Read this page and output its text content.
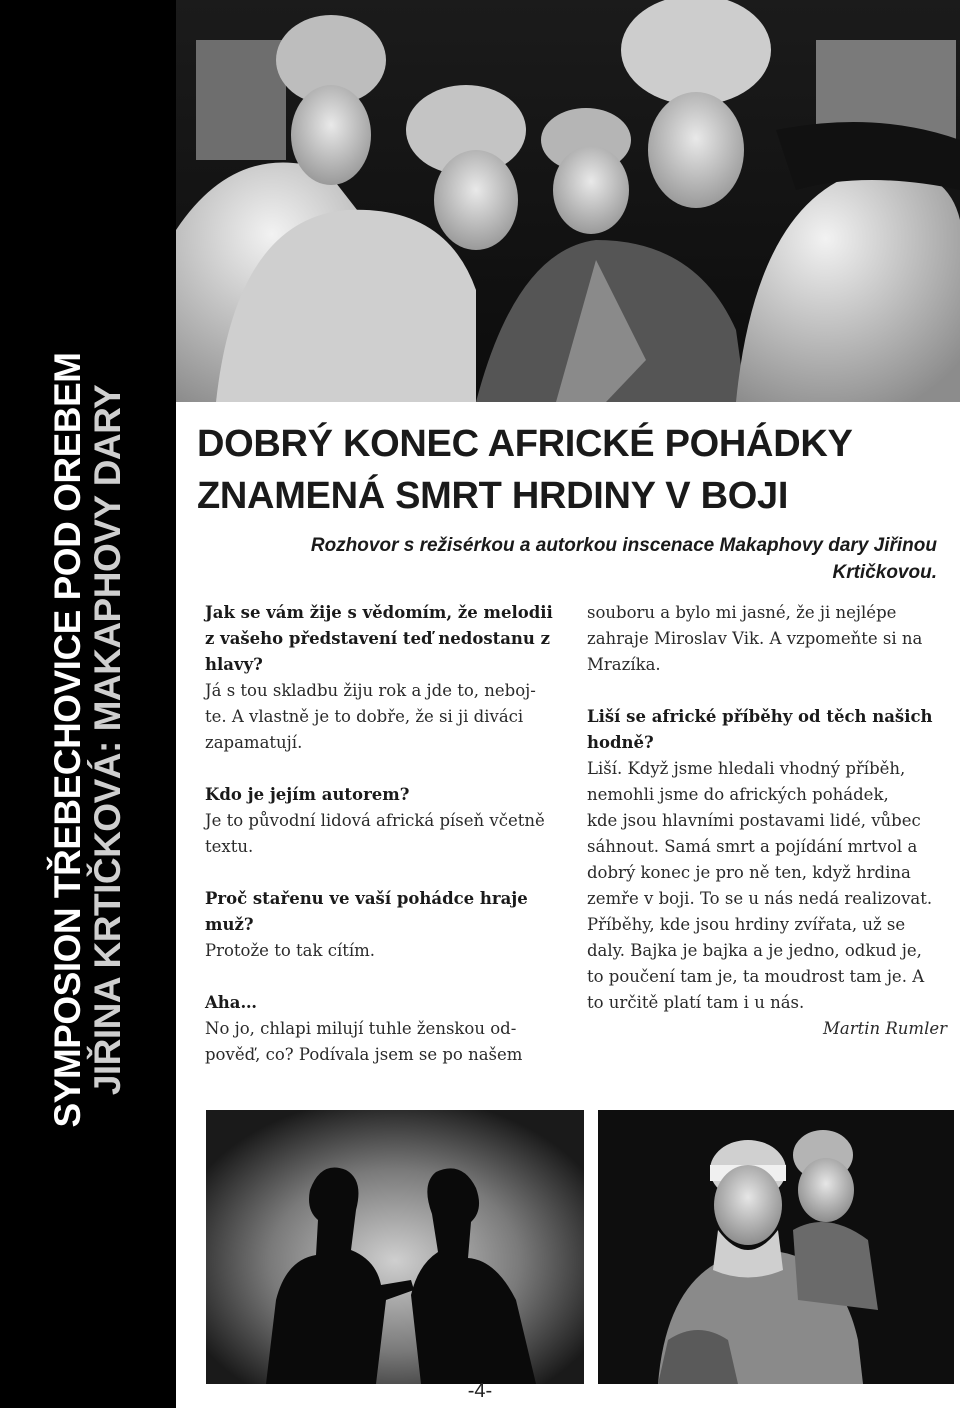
SYMPOSION TŘEBECHOVICE POD OREBEM JIŘINA KRTIČKOVÁ: MAKAPHOVY DARY DOBRÝ KONEC AFRICKÉ POHÁDKY
ZNAMENÁ SMRT HRDINY V BOJI
Rozhovor s režisérkou a autorkou inscenace Makaphovy dary Jiřinou
Krtičkovou.

Jak se vám žije s vědomím, že melodii

z vašeho představení teď nedostanu z

hlavy?

Já s tou skladbu žiju rok a jde to, neboj-

te. A vlastně je to dobře, že si ji diváci

zapamatují.

Kdo je jejím autorem?

Je to původní lidová africká píseň včetně

textu.

Proč stařenu ve vaší pohádce hraje

muž?

Protože to tak cítím.

Aha…

No jo, chlapi milují tuhle ženskou od-

pověď, co? Podívala jsem se po našem

souboru a bylo mi jasné, že ji nejlépe

zahraje Miroslav Vik. A vzpomeňte si na

Mrazíka.

Liší se africké příběhy od těch našich

hodně?

Liší. Když jsme hledali vhodný příběh,

nemohli jsme do afrických pohádek,

kde jsou hlavními postavami lidé, vůbec

sáhnout. Samá smrt a pojídání mrtvol a

dobrý konec je pro ně ten, když hrdina

zemře v boji. To se u nás nedá realizovat.

Příběhy, kde jsou hrdiny zvířata, už se

daly. Bajka je bajka a je jedno, odkud je,

to poučení tam je, ta moudrost tam je. A

to určitě platí tam i u nás.

Martin Rumler

-4-
